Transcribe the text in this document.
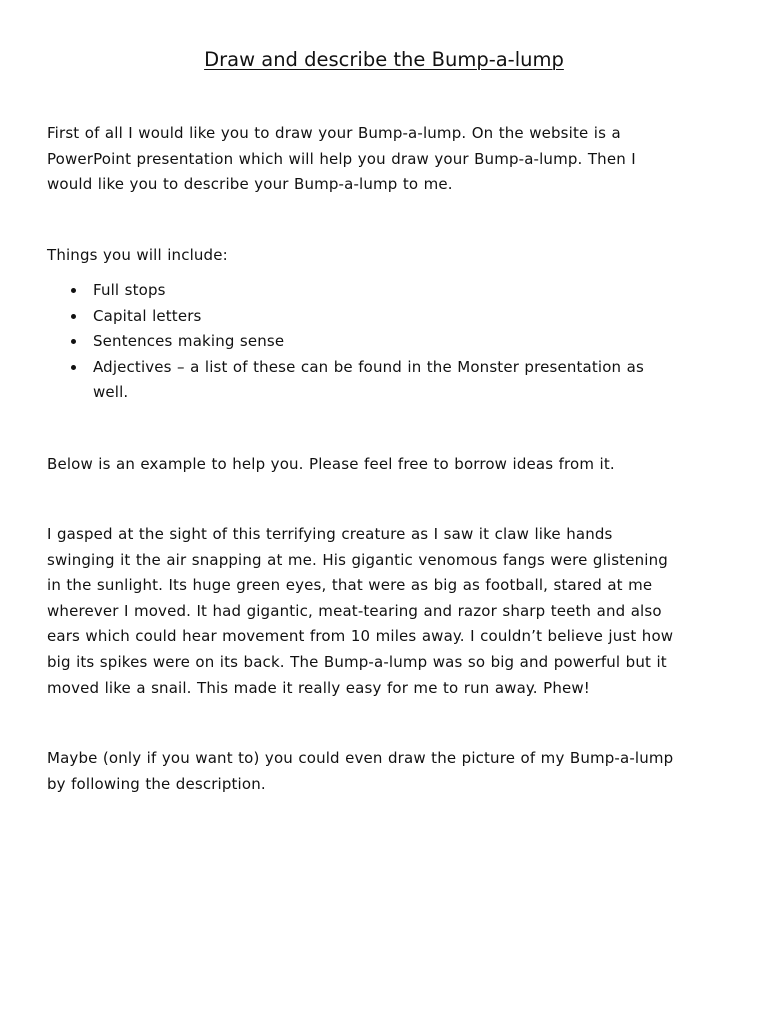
Draw and describe the Bump-a-lump
First of all I would like you to draw your Bump-a-lump. On the website is a
PowerPoint presentation which will help you draw your Bump-a-lump. Then I
would like you to describe your Bump-a-lump to me.

Things you will include:

Full stops
Capital letters
Sentences making sense
Adjectives – a list of these can be found in the Monster presentation as
well.

Below is an example to help you. Please feel free to borrow ideas from it.

I gasped at the sight of this terrifying creature as I saw it claw like hands
swinging it the air snapping at me. His gigantic venomous fangs were glistening
in the sunlight. Its huge green eyes, that were as big as football, stared at me
wherever I moved. It had gigantic, meat-tearing and razor sharp teeth and also
ears which could hear movement from 10 miles away. I couldn’t believe just how
big its spikes were on its back. The Bump-a-lump was so big and powerful but it
moved like a snail. This made it really easy for me to run away. Phew!
Maybe (only if you want to) you could even draw the picture of my Bump-a-lump
by following the description.
